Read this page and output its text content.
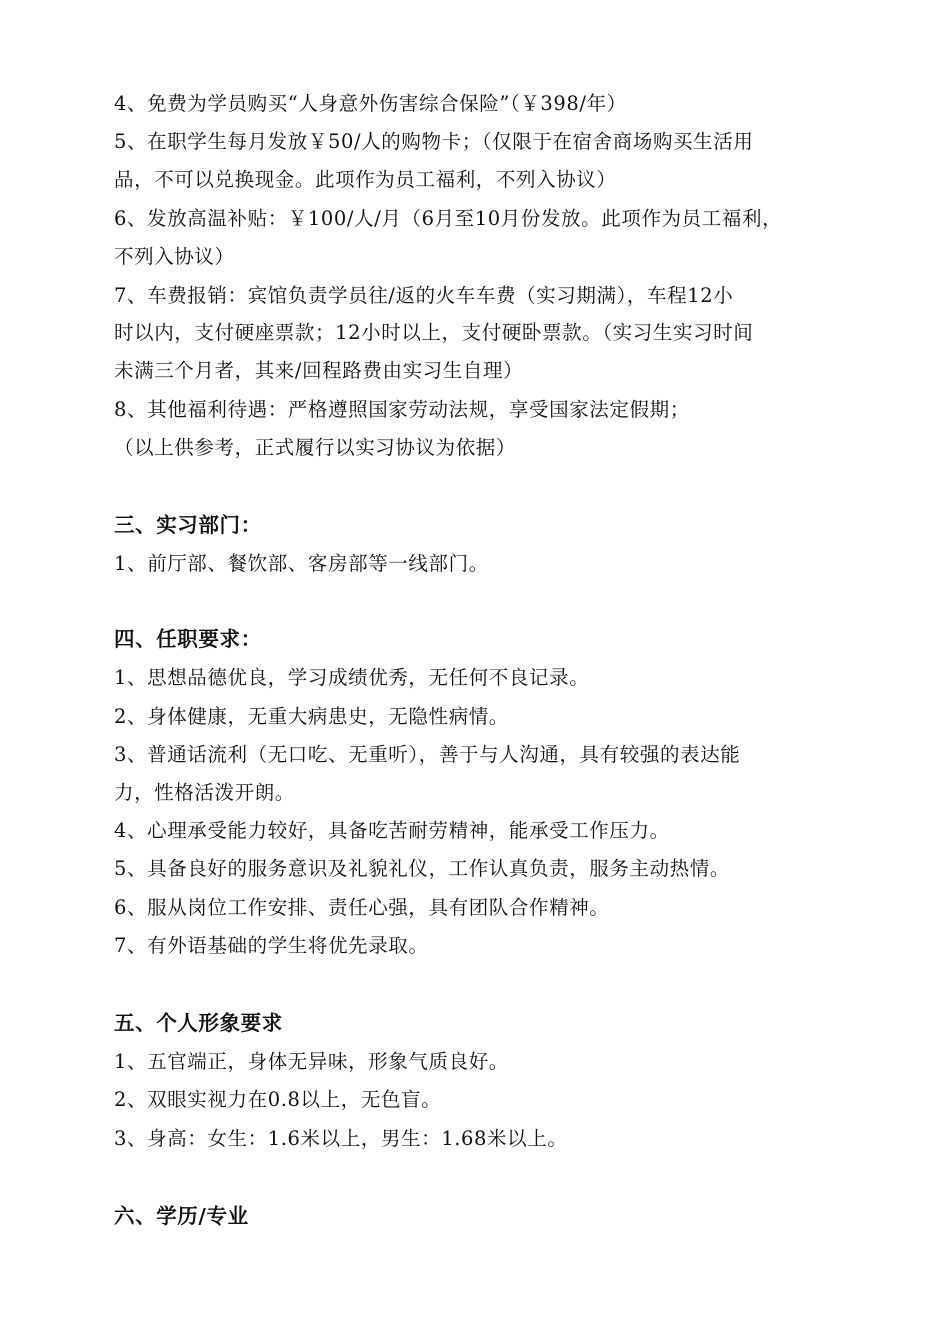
4、免费为学员购买“人身意外伤害综合保险”（￥398/年）
5、在职学生每月发放￥50/人的购物卡；（仅限于在宿舍商场购买生活用
品，不可以兑换现金。此项作为员工福利，不列入协议）
6、发放高温补贴：￥100/人/月（6月至10月份发放。此项作为员工福利，
不列入协议）
7、车费报销：宾馆负责学员往/返的火车车费（实习期满），车程12小
时以内，支付硬座票款；12小时以上，支付硬卧票款。（实习生实习时间
未满三个月者，其来/回程路费由实习生自理）
8、其他福利待遇：严格遵照国家劳动法规，享受国家法定假期；
（以上供参考，正式履行以实习协议为依据）
三、实习部门：
1、前厅部、餐饮部、客房部等一线部门。
四、任职要求：
1、思想品德优良，学习成绩优秀，无任何不良记录。
2、身体健康，无重大病患史，无隐性病情。
3、普通话流利（无口吃、无重听），善于与人沟通，具有较强的表达能
力，性格活泼开朗。
4、心理承受能力较好，具备吃苦耐劳精神，能承受工作压力。
5、具备良好的服务意识及礼貌礼仪，工作认真负责，服务主动热情。
6、服从岗位工作安排、责任心强，具有团队合作精神。
7、有外语基础的学生将优先录取。
五、个人形象要求
1、五官端正，身体无异味，形象气质良好。
2、双眼实视力在0.8以上，无色盲。
3、身高：女生：1.6米以上，男生：1.68米以上。
六、学历/专业
